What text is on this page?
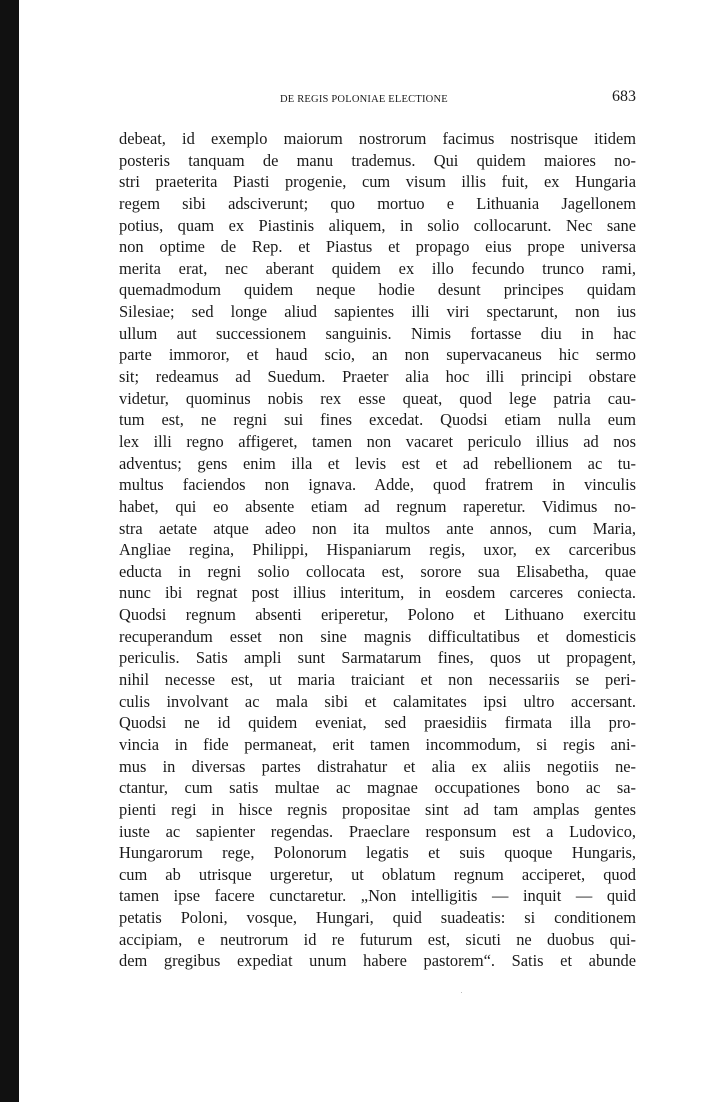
DE REGIS POLONIAE ELECTIONE	683
debeat, id exemplo maiorum nostrorum facimus nostrisque itidem
posteris tanquam de manu trademus. Qui quidem maiores no-
stri praeterita Piasti progenie, cum visum illis fuit, ex Hungaria
regem sibi adsciverunt; quo mortuo e Lithuania Jagellonem
potius, quam ex Piastinis aliquem, in solio collocarunt. Nec sane
non optime de Rep. et Piastus et propago eius prope universa
merita erat, nec aberant quidem ex illo fecundo trunco rami,
quemadmodum quidem neque hodie desunt principes quidam
Silesiae; sed longe aliud sapientes illi viri spectarunt, non ius
ullum aut successionem sanguinis. Nimis fortasse diu in hac
parte immoror, et haud scio, an non supervacaneus hic sermo
sit; redeamus ad Suedum. Praeter alia hoc illi principi obstare
videtur, quominus nobis rex esse queat, quod lege patria cau-
tum est, ne regni sui fines excedat. Quodsi etiam nulla eum
lex illi regno affigeret, tamen non vacaret periculo illius ad nos
adventus; gens enim illa et levis est et ad rebellionem ac tu-
multus faciendos non ignava. Adde, quod fratrem in vinculis
habet, qui eo absente etiam ad regnum raperetur. Vidimus no-
stra aetate atque adeo non ita multos ante annos, cum Maria,
Angliae regina, Philippi, Hispaniarum regis, uxor, ex carceribus
educta in regni solio collocata est, sorore sua Elisabetha, quae
nunc ibi regnat post illius interitum, in eosdem carceres coniecta.
Quodsi regnum absenti eriperetur, Polono et Lithuano exercitu
recuperandum esset non sine magnis difficultatibus et domesticis
periculis. Satis ampli sunt Sarmatarum fines, quos ut propagent,
nihil necesse est, ut maria traiciant et non necessariis se peri-
culis involvant ac mala sibi et calamitates ipsi ultro accersant.
Quodsi ne id quidem eveniat, sed praesidiis firmata illa pro-
vincia in fide permaneat, erit tamen incommodum, si regis ani-
mus in diversas partes distrahatur et alia ex aliis negotiis ne-
ctantur, cum satis multae ac magnae occupationes bono ac sa-
pienti regi in hisce regnis propositae sint ad tam amplas gentes
iuste ac sapienter regendas. Praeclare responsum est a Ludovico,
Hungarorum rege, Polonorum legatis et suis quoque Hungaris,
cum ab utrisque urgeretur, ut oblatum regnum acciperet, quod
tamen ipse facere cunctaretur. „Non intelligitis — inquit — quid
petatis Poloni, vosque, Hungari, quid suadeatis: si conditionem
accipiam, e neutrorum id re futurum est, sicuti ne duobus qui-
dem gregibus expediat unum habere pastorem“. Satis et abunde
